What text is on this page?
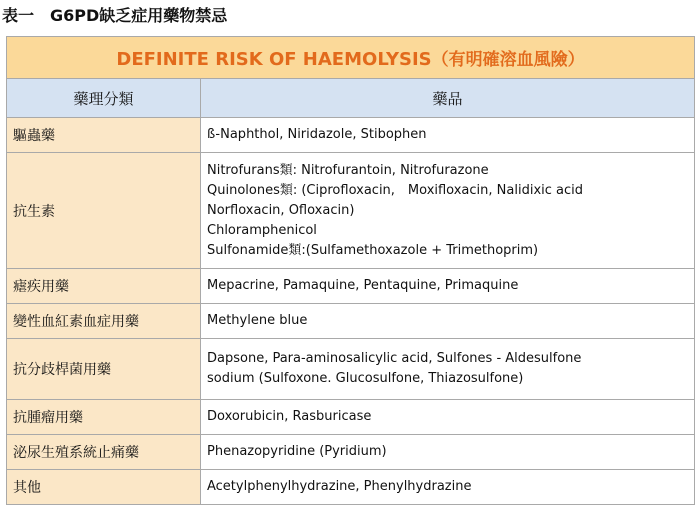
表一　G6PD缺乏症用藥物禁忌
DEFINITE RISK OF HAEMOLYSIS（有明確溶血風險）	
藥理分類	藥品
驅蟲藥	ß-Naphthol, Niridazole, Stibophen

抗生素	Nitrofurans類: Nitrofurantoin, Nitrofurazone
Quinolones類: (Ciprofloxacin,　Moxifloxacin, Nalidixic acid
Norfloxacin, Ofloxacin)
Chloramphenicol
Sulfonamide類:(Sulfamethoxazole + Trimethoprim)

瘧疾用藥	Mepacrine, Pamaquine, Pentaquine, Primaquine

變性血紅素血症用藥	Methylene blue

抗分歧桿菌用藥	Dapsone, Para-aminosalicylic acid, Sulfones - Aldesulfone
sodium (Sulfoxone. Glucosulfone, Thiazosulfone)

抗腫瘤用藥	Doxorubicin, Rasburicase

泌尿生殖系統止痛藥	Phenazopyridine (Pyridium)

其他	Acetylphenylhydrazine, Phenylhydrazine
